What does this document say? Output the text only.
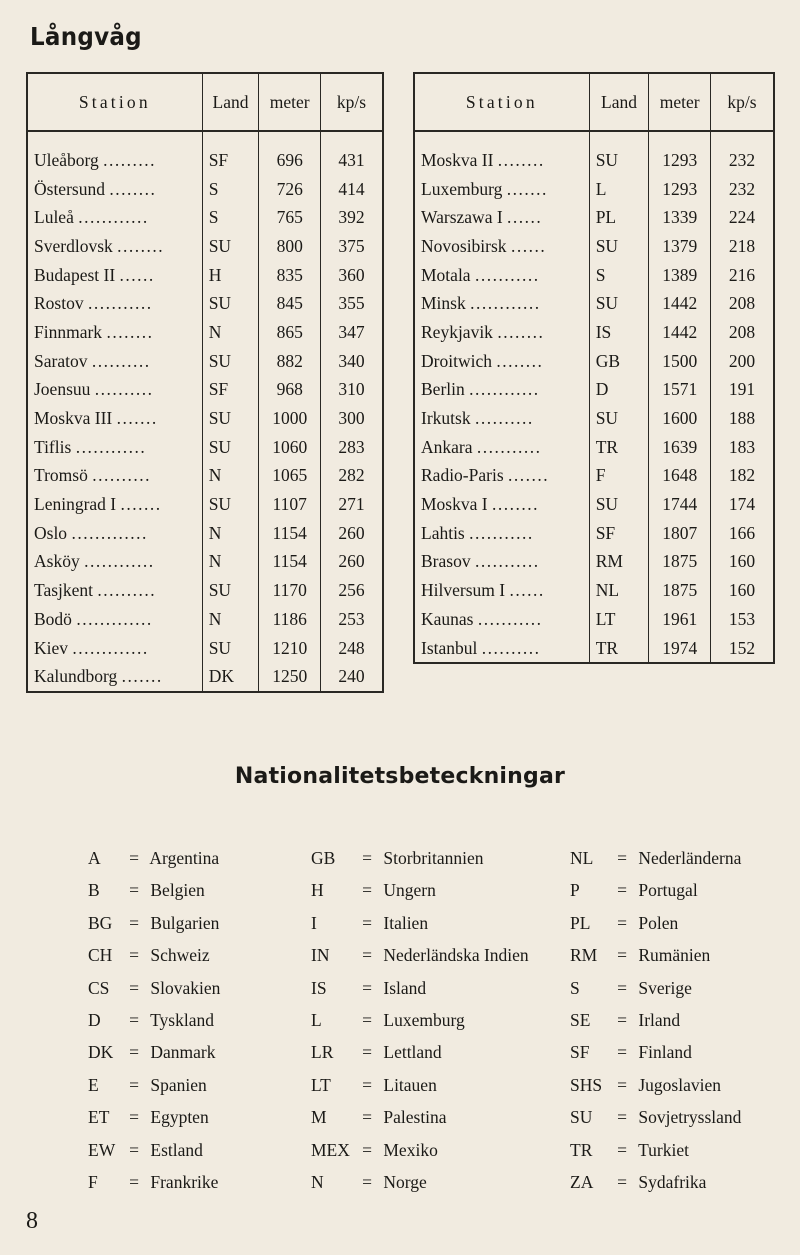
Långvåg
Station	Land	meter	kp/s
Uleåborg .........	SF	696	431
Östersund ........	S	726	414
Luleå ............	S	765	392
Sverdlovsk ........	SU	800	375
Budapest II ......	H	835	360
Rostov ...........	SU	845	355
Finnmark ........	N	865	347
Saratov ..........	SU	882	340
Joensuu ..........	SF	968	310
Moskva III .......	SU	1000	300
Tiflis ............	SU	1060	283
Tromsö ..........	N	1065	282
Leningrad I .......	SU	1107	271
Oslo .............	N	1154	260
Asköy ............	N	1154	260
Tasjkent ..........	SU	1170	256
Bodö .............	N	1186	253
Kiev .............	SU	1210	248
Kalundborg .......	DK	1250	240
Station	Land	meter	kp/s
Moskva II ........	SU	1293	232
Luxemburg .......	L	1293	232
Warszawa I ......	PL	1339	224
Novosibirsk ......	SU	1379	218
Motala ...........	S	1389	216
Minsk ............	SU	1442	208
Reykjavik ........	IS	1442	208
Droitwich ........	GB	1500	200
Berlin ............	D	1571	191
Irkutsk ..........	SU	1600	188
Ankara ...........	TR	1639	183
Radio-Paris .......	F	1648	182
Moskva I ........	SU	1744	174
Lahtis ...........	SF	1807	166
Brasov ...........	RM	1875	160
Hilversum I ......	NL	1875	160
Kaunas ...........	LT	1961	153
Istanbul ..........	TR	1974	152
Nationalitetsbeteckningar
A = Argentina
B = Belgien
BG = Bulgarien
CH = Schweiz
CS = Slovakien
D = Tyskland
DK = Danmark
E = Spanien
ET = Egypten
EW = Estland
F = Frankrike
GB = Storbritannien
H = Ungern
I	= Italien
IN = Nederländska Indien
IS = Island
L = Luxemburg
LR = Lettland
LT = Litauen
M = Palestina
MEX = Mexiko
N = Norge
NL = Nederländerna
P = Portugal
PL = Polen
RM = Rumänien
S = Sverige
SE = Irland
SF = Finland
SHS = Jugoslavien
SU = Sovjetryssland
TR = Turkiet
ZA = Sydafrika
8
